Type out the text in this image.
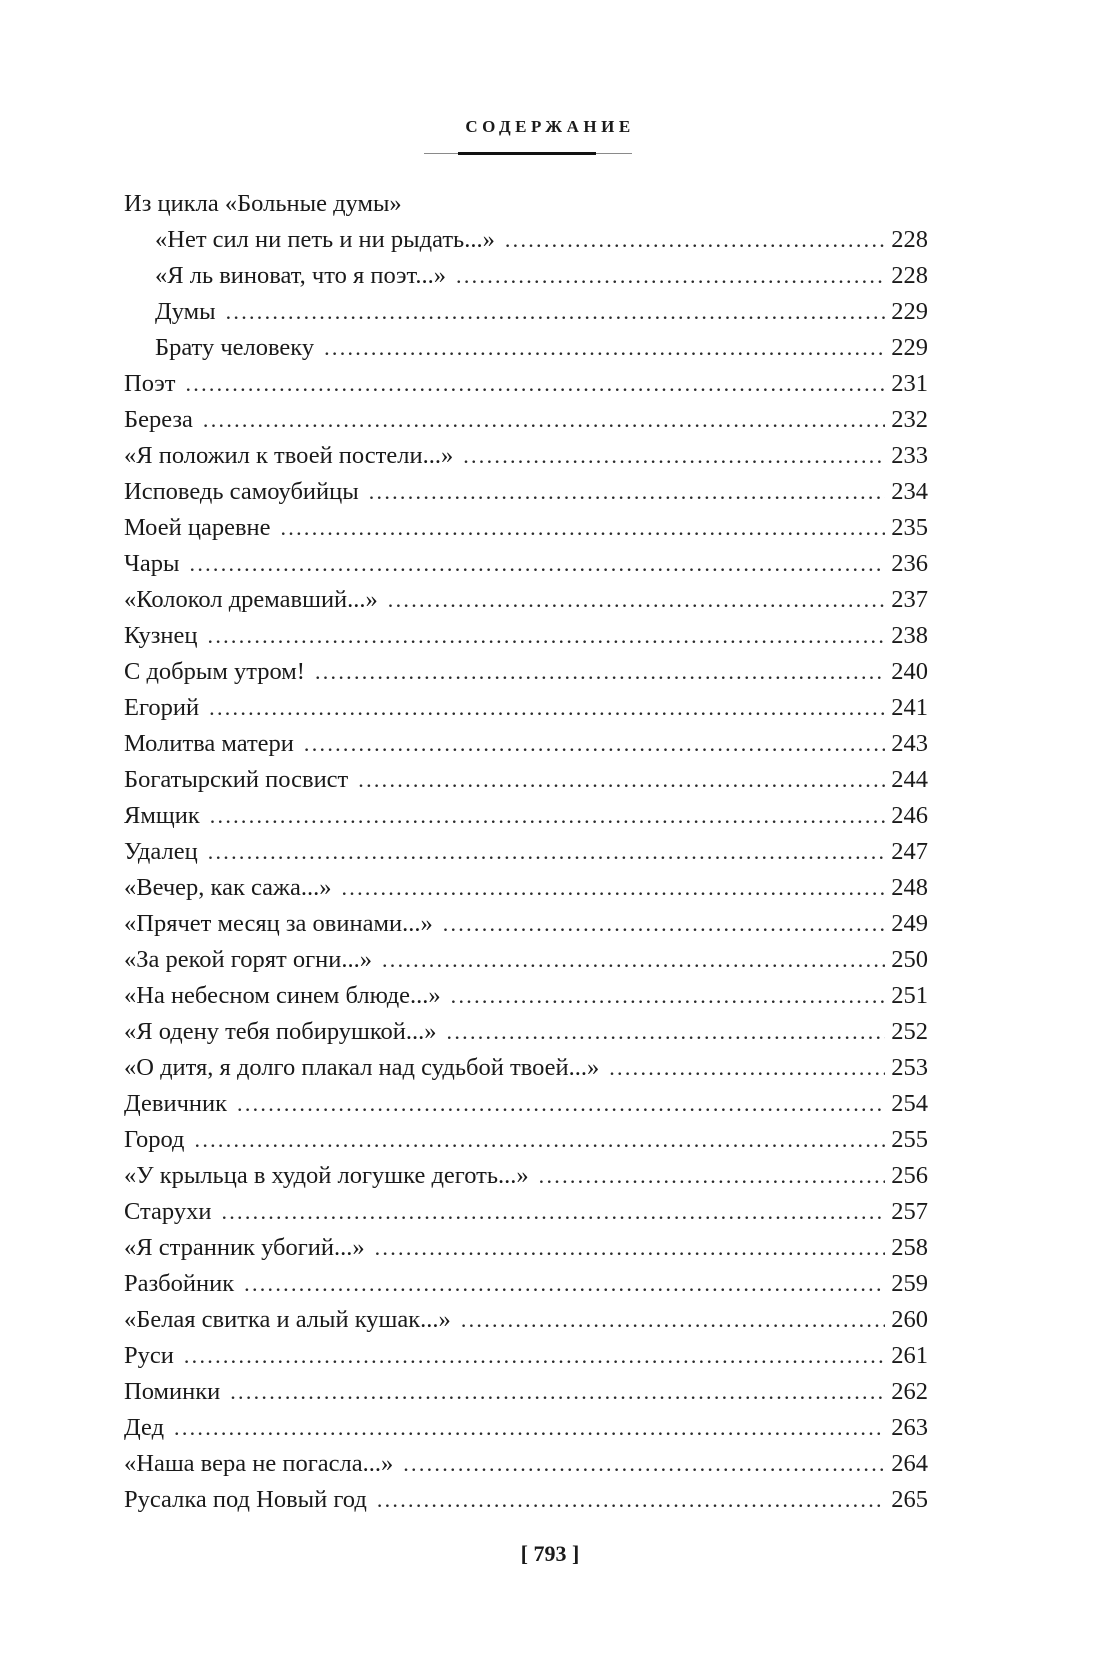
СОДЕРЖАНИЕ
Из цикла «Больные думы»
«Нет сил ни петь и ни рыдать...» . . .	228
«Я ль виноват, что я поэт...» . . .	228
Думы . . .	229
Брату человеку . . .	229
Поэт . . .	231
Береза . . .	232
«Я положил к твоей постели...» . . .	233
Исповедь самоубийцы . . .	234
Моей царевне . . .	235
Чары . . .	236
«Колокол дремавший...» . . .	237
Кузнец . . .	238
С добрым утром! . . .	240
Егорий . . .	241
Молитва матери . . .	243
Богатырский посвист . . .	244
Ямщик . . .	246
Удалец . . .	247
«Вечер, как сажа...» . . .	248
«Прячет месяц за овинами...» . . .	249
«За рекой горят огни...» . . .	250
«На небесном синем блюде...» . . .	251
«Я одену тебя побирушкой...» . . .	252
«О дитя, я долго плакал над судьбой твоей...» . . .	253
Девичник . . .	254
Город . . .	255
«У крыльца в худой логушке деготь...» . . .	256
Старухи . . .	257
«Я странник убогий...» . . .	258
Разбойник . . .	259
«Белая свитка и алый кушак...» . . .	260
Руси . . .	261
Поминки . . .	262
Дед . . .	263
«Наша вера не погасла...» . . .	264
Русалка под Новый год . . .	265
[ 793 ]
